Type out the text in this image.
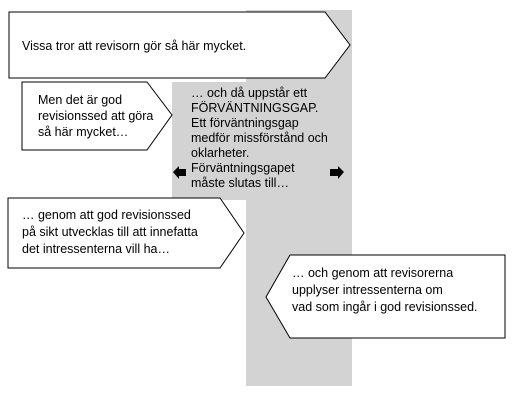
Vissa tror att revisorn gör så här mycket.
Men det är god
revisionssed att göra
så här mycket…
… och då uppstår ett
FÖRVÄNTNINGSGAP.
Ett förväntningsgap
medför missförstånd och
oklarheter.
Förväntningsgapet
måste slutas till…
… genom att god revisionssed
på sikt utvecklas till att innefatta
det intressenterna vill ha…
… och genom att revisorerna
upplyser intressenterna om
vad som ingår i god revisionssed.
